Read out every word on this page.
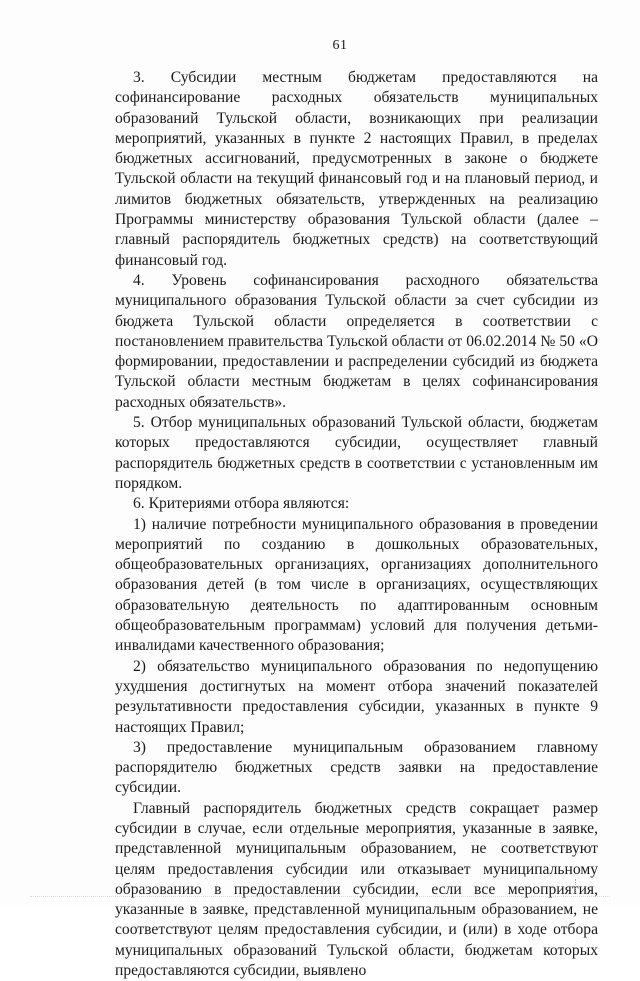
61

3. Субсидии местным бюджетам предоставляются на софинансирование расходных обязательств муниципальных образований Тульской области, возникающих при реализации мероприятий, указанных в пункте 2 настоящих Правил, в пределах бюджетных ассигнований, предусмотренных в законе о бюджете Тульской области на текущий финансовый год и на плановый период, и лимитов бюджетных обязательств, утвержденных на реализацию Программы министерству образования Тульской области (далее – главный распорядитель бюджетных средств) на соответствующий финансовый год.

4. Уровень софинансирования расходного обязательства муниципального образования Тульской области за счет субсидии из бюджета Тульской области определяется в соответствии с постановлением правительства Тульской области от 06.02.2014 № 50 «О формировании, предоставлении и распределении субсидий из бюджета Тульской области местным бюджетам в целях софинансирования расходных обязательств».

5. Отбор муниципальных образований Тульской области, бюджетам которых предоставляются субсидии, осуществляет главный распорядитель бюджетных средств в соответствии с установленным им порядком.

6. Критериями отбора являются:

1) наличие потребности муниципального образования в проведении мероприятий по созданию в дошкольных образовательных, общеобразовательных организациях, организациях дополнительного образования детей (в том числе в организациях, осуществляющих образовательную деятельность по адаптированным основным общеобразовательным программам) условий для получения детьми-инвалидами качественного образования;

2) обязательство муниципального образования по недопущению ухудшения достигнутых на момент отбора значений показателей результативности предоставления субсидии, указанных в пункте 9 настоящих Правил;

3) предоставление муниципальным образованием главному распорядителю бюджетных средств заявки на предоставление субсидии.

Главный распорядитель бюджетных средств сокращает размер субсидии в случае, если отдельные мероприятия, указанные в заявке, представленной муниципальным образованием, не соответствуют целям предоставления субсидии или отказывает муниципальному образованию в предоставлении субсидии, если все мероприятия, указанные в заявке, представленной муниципальным образованием, не соответствуют целям предоставления субсидии, и (или) в ходе отбора муниципальных образований Тульской области, бюджетам которых предоставляются субсидии, выявлено
